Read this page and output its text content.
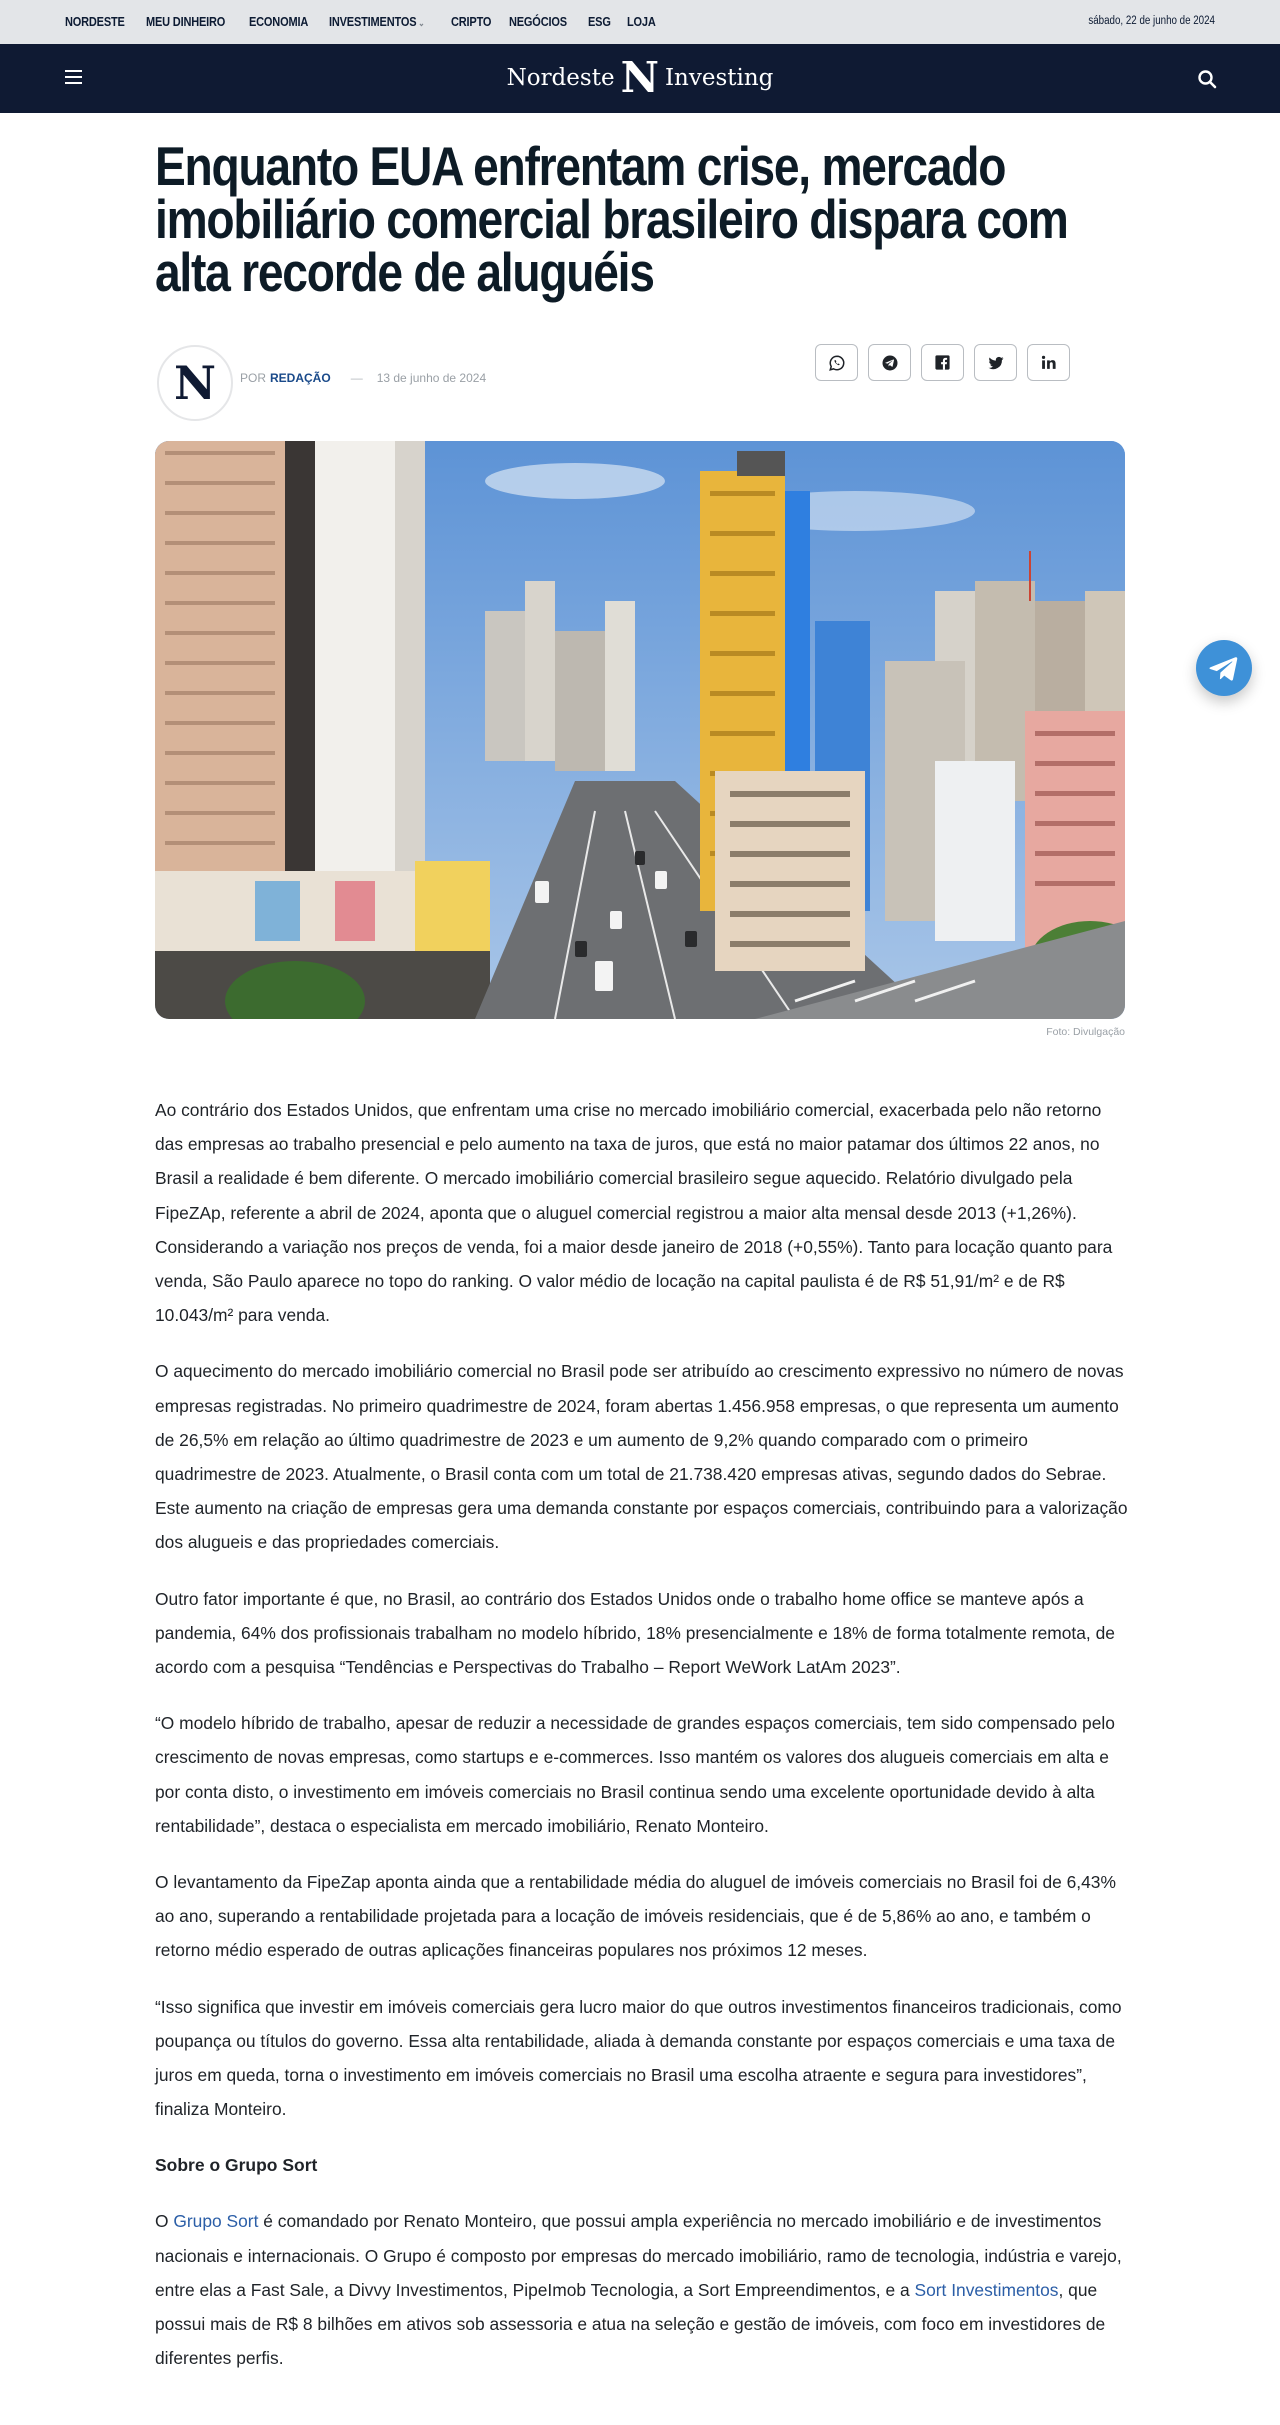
NORDESTE MEU DINHEIRO ECONOMIA INVESTIMENTOS ⌄ CRIPTO NEGÓCIOS ESG LOJA	sábado, 22 de junho de 2024
Nordeste N Investing
Enquanto EUA enfrentam crise, mercado imobiliário comercial brasileiro dispara com alta recorde de aluguéis
N	POR REDAÇÃO — 13 de junho de 2024
Foto: Divulgação

Ao contrário dos Estados Unidos, que enfrentam uma crise no mercado imobiliário comercial, exacerbada pelo não retorno das empresas ao trabalho presencial e pelo aumento na taxa de juros, que está no maior patamar dos últimos 22 anos, no Brasil a realidade é bem diferente. O mercado imobiliário comercial brasileiro segue aquecido. Relatório divulgado pela FipeZAp, referente a abril de 2024, aponta que o aluguel comercial registrou a maior alta mensal desde 2013 (+1,26%). Considerando a variação nos preços de venda, foi a maior desde janeiro de 2018 (+0,55%). Tanto para locação quanto para venda, São Paulo aparece no topo do ranking. O valor médio de locação na capital paulista é de R$ 51,91/m² e de R$ 10.043/m² para venda.

O aquecimento do mercado imobiliário comercial no Brasil pode ser atribuído ao crescimento expressivo no número de novas empresas registradas. No primeiro quadrimestre de 2024, foram abertas 1.456.958 empresas, o que representa um aumento de 26,5% em relação ao último quadrimestre de 2023 e um aumento de 9,2% quando comparado com o primeiro quadrimestre de 2023. Atualmente, o Brasil conta com um total de 21.738.420 empresas ativas, segundo dados do Sebrae. Este aumento na criação de empresas gera uma demanda constante por espaços comerciais, contribuindo para a valorização dos alugueis e das propriedades comerciais.

Outro fator importante é que, no Brasil, ao contrário dos Estados Unidos onde o trabalho home office se manteve após a pandemia, 64% dos profissionais trabalham no modelo híbrido, 18% presencialmente e 18% de forma totalmente remota, de acordo com a pesquisa “Tendências e Perspectivas do Trabalho – Report WeWork LatAm 2023”.

“O modelo híbrido de trabalho, apesar de reduzir a necessidade de grandes espaços comerciais, tem sido compensado pelo crescimento de novas empresas, como startups e e-commerces. Isso mantém os valores dos alugueis comerciais em alta e por conta disto, o investimento em imóveis comerciais no Brasil continua sendo uma excelente oportunidade devido à alta rentabilidade”, destaca o especialista em mercado imobiliário, Renato Monteiro.

O levantamento da FipeZap aponta ainda que a rentabilidade média do aluguel de imóveis comerciais no Brasil foi de 6,43% ao ano, superando a rentabilidade projetada para a locação de imóveis residenciais, que é de 5,86% ao ano, e também o retorno médio esperado de outras aplicações financeiras populares nos próximos 12 meses.

“Isso significa que investir em imóveis comerciais gera lucro maior do que outros investimentos financeiros tradicionais, como poupança ou títulos do governo. Essa alta rentabilidade, aliada à demanda constante por espaços comerciais e uma taxa de juros em queda, torna o investimento em imóveis comerciais no Brasil uma escolha atraente e segura para investidores”, finaliza Monteiro.

Sobre o Grupo Sort

O Grupo Sort é comandado por Renato Monteiro, que possui ampla experiência no mercado imobiliário e de investimentos nacionais e internacionais. O Grupo é composto por empresas do mercado imobiliário, ramo de tecnologia, indústria e varejo, entre elas a Fast Sale, a Divvy Investimentos, PipeImob Tecnologia, a Sort Empreendimentos, e a Sort Investimentos, que possui mais de R$ 8 bilhões em ativos sob assessoria e atua na seleção e gestão de imóveis, com foco em investidores de diferentes perfis.
